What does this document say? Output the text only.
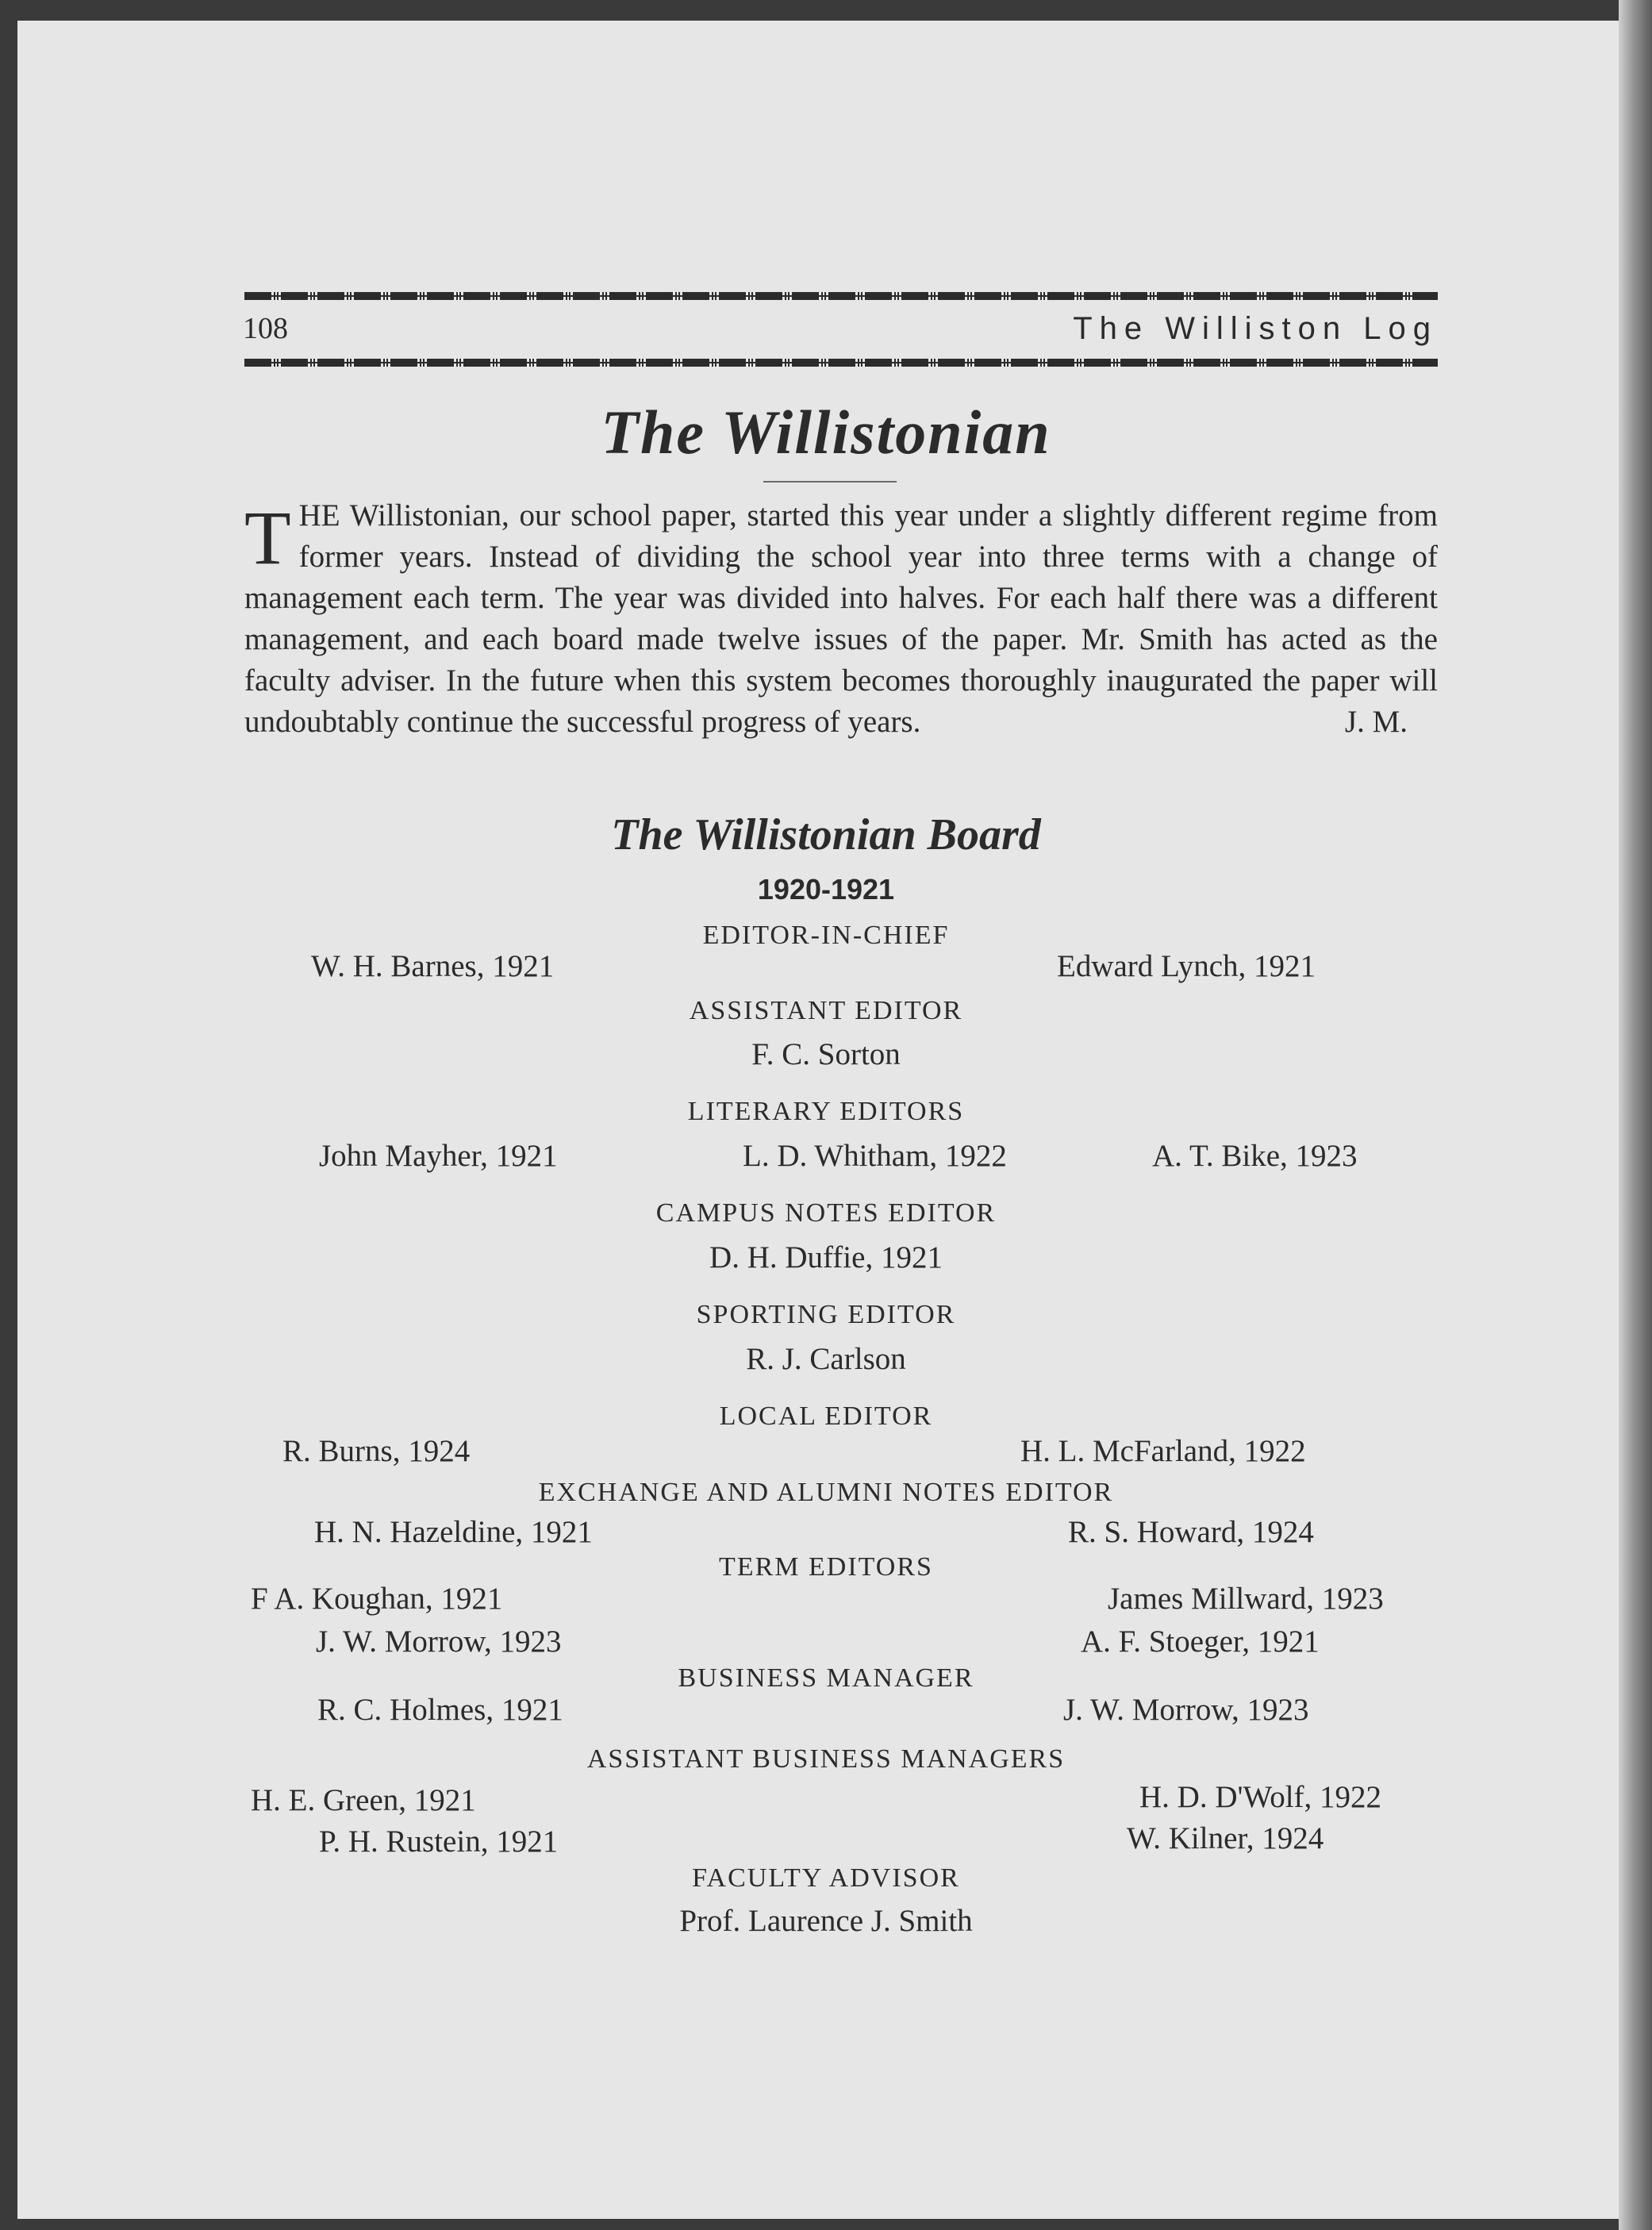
108	The Williston Log
The Willistonian
THE Willistonian, our school paper, started this year under a slightly different regime from former years. Instead of dividing the school year into three terms with a change of management each term. The year was divided into halves. For each half there was a different management, and each board made twelve issues of the paper. Mr. Smith has acted as the faculty adviser. In the future when this system becomes thoroughly inaugurated the paper will undoubtably continue the successful progress of years.	J. M.
The Willistonian Board
1920-1921
EDITOR-IN-CHIEF
W. H. Barnes, 1921	Edward Lynch, 1921
ASSISTANT EDITOR
F. C. Sorton
LITERARY EDITORS
John Mayher, 1921	L. D. Whitham, 1922	A. T. Bike, 1923
CAMPUS NOTES EDITOR
D. H. Duffie, 1921
SPORTING EDITOR
R. J. Carlson
LOCAL EDITOR
R. Burns, 1924	H. L. McFarland, 1922
EXCHANGE AND ALUMNI NOTES EDITOR
H. N. Hazeldine, 1921	R. S. Howard, 1924
TERM EDITORS
F A. Koughan, 1921	James Millward, 1923
J. W. Morrow, 1923	A. F. Stoeger, 1921
BUSINESS MANAGER
R. C. Holmes, 1921	J. W. Morrow, 1923
ASSISTANT BUSINESS MANAGERS
H. E. Green, 1921	H. D. D'Wolf, 1922
P. H. Rustein, 1921	W. Kilner, 1924
FACULTY ADVISOR
Prof. Laurence J. Smith
